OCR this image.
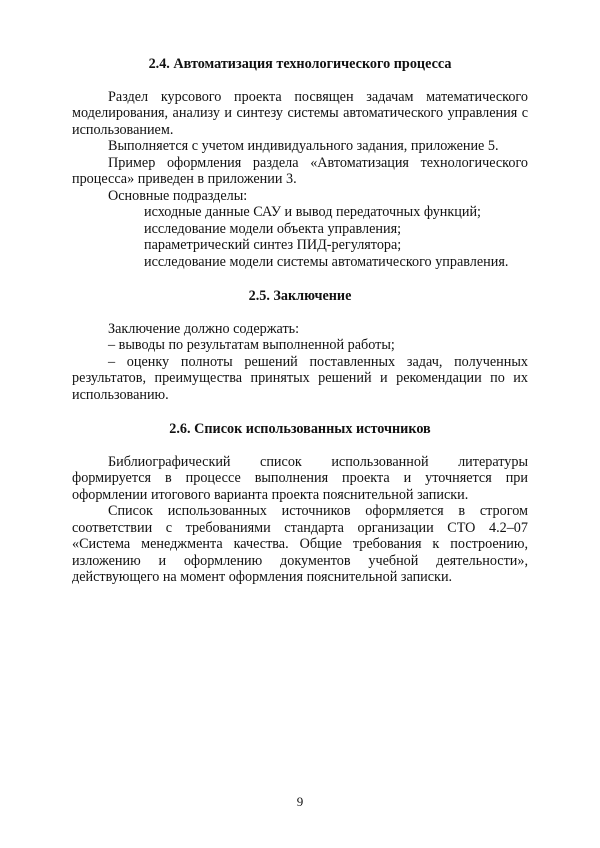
2.4. Автоматизация технологического процесса

Раздел курсового проекта посвящен задачам математического моделирования, анализу и синтезу системы автоматического управления с использованием.

Выполняется с учетом индивидуального задания, приложение 5.

Пример оформления раздела «Автоматизация технологического процесса» приведен в приложении 3.

Основные подразделы:

исходные данные САУ и вывод передаточных функций;
исследование модели объекта управления;
параметрический синтез ПИД-регулятора;
исследование модели системы автоматического управления.
2.5. Заключение

Заключение должно содержать:

– выводы по результатам выполненной работы;

– оценку полноты решений поставленных задач, полученных результатов, преимущества принятых решений и рекомендации по их использованию.

2.6. Список использованных источников

Библиографический список использованной литературы формируется в процессе выполнения проекта и уточняется при оформлении итогового варианта проекта пояснительной записки.

Список использованных источников оформляется в строгом соответствии с требованиями стандарта организации СТО 4.2–07 «Система менеджмента качества. Общие требования к построению, изложению и оформлению документов учебной деятельности», действующего на момент оформления пояснительной записки.

9
